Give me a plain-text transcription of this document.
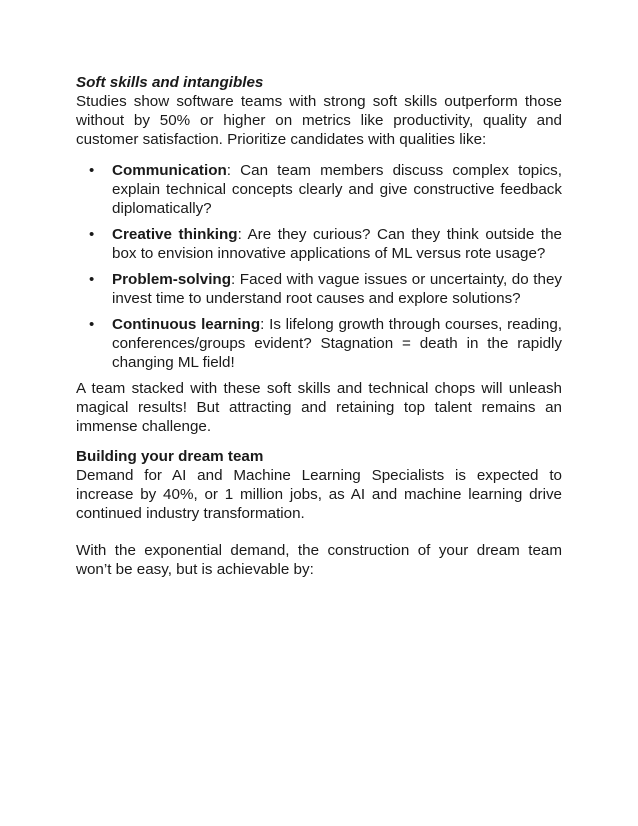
Soft skills and intangibles

Studies show software teams with strong soft skills outperform those without by 50% or higher on metrics like productivity, quality and customer satisfaction. Prioritize candidates with qualities like:

• Communication: Can team members discuss complex topics, explain technical concepts clearly and give constructive feedback diplomatically?
• Creative thinking: Are they curious? Can they think outside the box to envision innovative applications of ML versus rote usage?
• Problem-solving: Faced with vague issues or uncertainty, do they invest time to understand root causes and explore solutions?
• Continuous learning: Is lifelong growth through courses, reading, conferences/groups evident? Stagnation = death in the rapidly changing ML field!

A team stacked with these soft skills and technical chops will unleash magical results! But attracting and retaining top talent remains an immense challenge.

Building your dream team

Demand for AI and Machine Learning Specialists is expected to increase by 40%, or 1 million jobs, as AI and machine learning drive continued industry transformation.

With the exponential demand, the construction of your dream team won’t be easy, but is achievable by:
